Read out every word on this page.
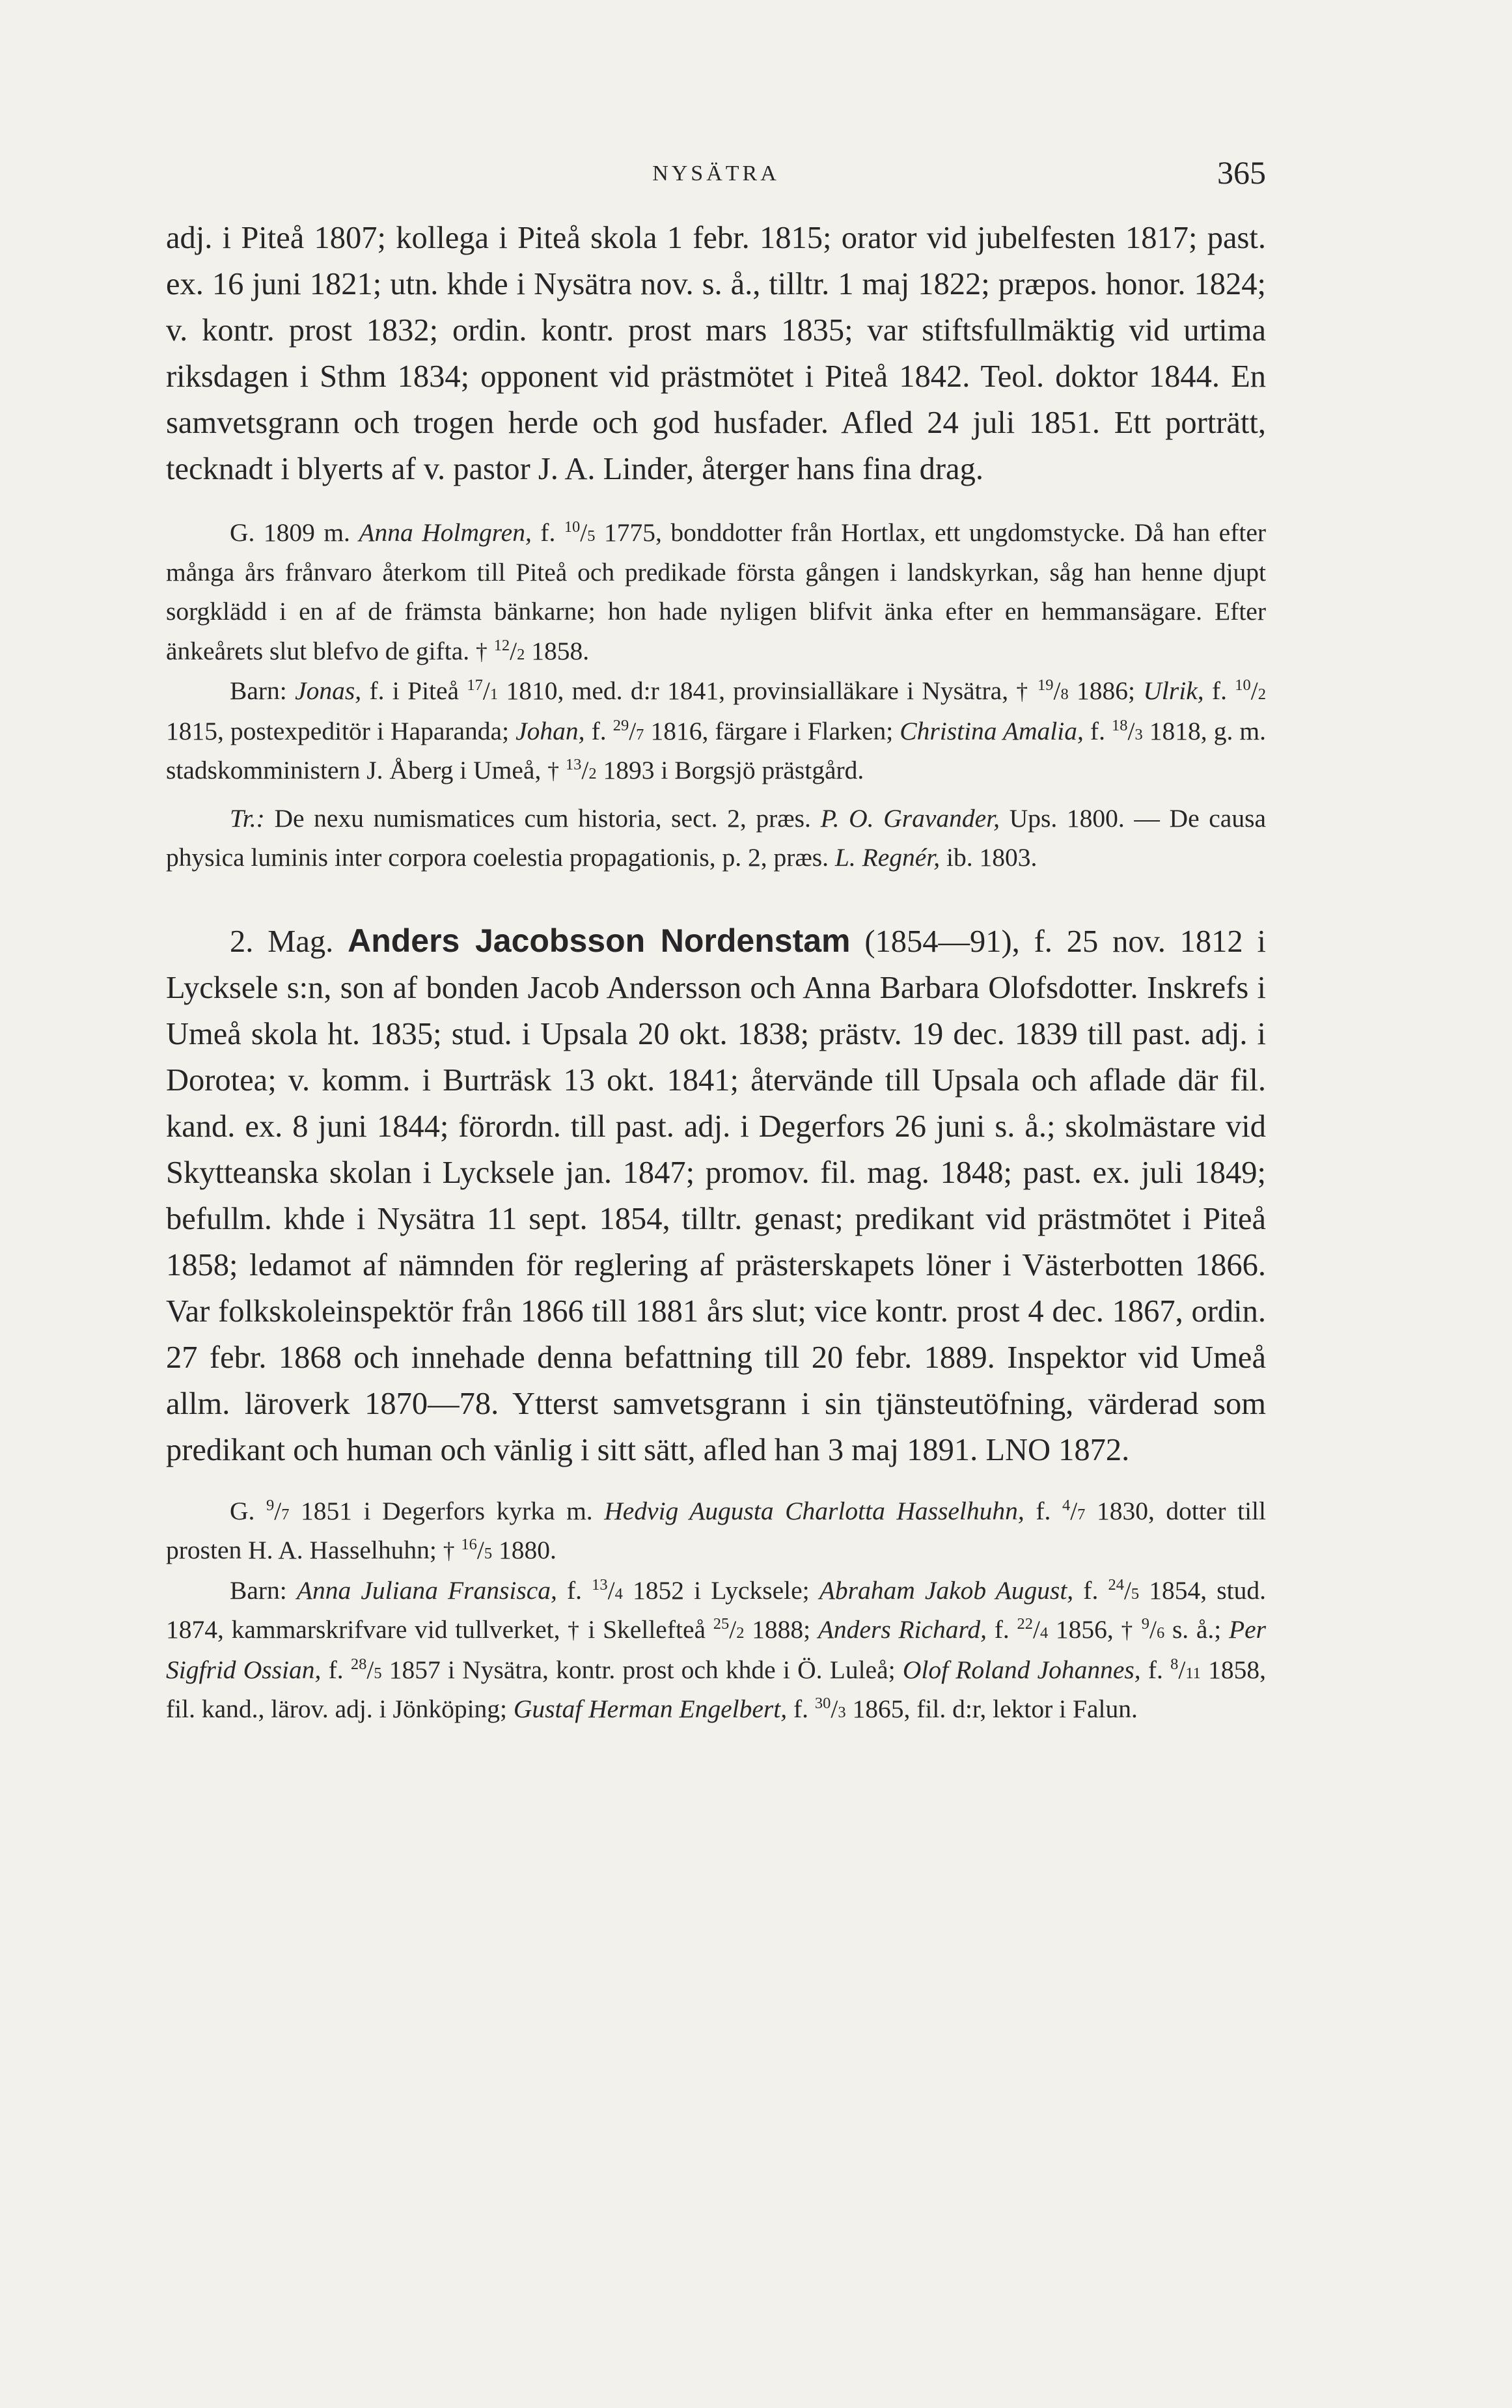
NYSÄTRA	365

adj. i Piteå 1807; kollega i Piteå skola 1 febr. 1815; orator vid jubelfesten 1817; past. ex. 16 juni 1821; utn. khde i Nysätra nov. s. å., tilltr. 1 maj 1822; præpos. honor. 1824; v. kontr. prost 1832; ordin. kontr. prost mars 1835; var stiftsfullmäktig vid urtima riksdagen i Sthm 1834; opponent vid prästmötet i Piteå 1842. Teol. doktor 1844. En samvetsgrann och trogen herde och god husfader. Afled 24 juli 1851. Ett porträtt, tecknadt i blyerts af v. pastor J. A. Linder, återger hans fina drag.

G. 1809 m. Anna Holmgren, f. $^{10}$/5 1775, bonddotter från Hortlax, ett ungdomstycke. Då han efter många års frånvaro återkom till Piteå och predikade första gången i landskyrkan, såg han henne djupt sorgklädd i en af de främsta bänkarne; hon hade nyligen blifvit änka efter en hemmansägare. Efter änkeårets slut blefvo de gifta. † $^{12}$/2 1858.

Barn: Jonas, f. i Piteå $^{17}$/1 1810, med. d:r 1841, provinsialläkare i Nysätra, † $^{19}$/8 1886; Ulrik, f. $^{10}$/2 1815, postexpeditör i Haparanda; Johan, f. $^{29}$/7 1816, färgare i Flarken; Christina Amalia, f. $^{18}$/3 1818, g. m. stadskomministern J. Åberg i Umeå, † $^{13}$/2 1893 i Borgsjö prästgård.

Tr.: De nexu numismatices cum historia, sect. 2, præs. P. O. Gravander, Ups. 1800. — De causa physica luminis inter corpora coelestia propagationis, p. 2, præs. L. Regnér, ib. 1803.

2. Mag. Anders Jacobsson Nordenstam (1854—91), f. 25 nov. 1812 i Lycksele s:n, son af bonden Jacob Andersson och Anna Barbara Olofsdotter. Inskrefs i Umeå skola ht. 1835; stud. i Upsala 20 okt. 1838; prästv. 19 dec. 1839 till past. adj. i Dorotea; v. komm. i Burträsk 13 okt. 1841; återvände till Upsala och aflade där fil. kand. ex. 8 juni 1844; förordn. till past. adj. i Degerfors 26 juni s. å.; skolmästare vid Skytteanska skolan i Lycksele jan. 1847; promov. fil. mag. 1848; past. ex. juli 1849; befullm. khde i Nysätra 11 sept. 1854, tilltr. genast; predikant vid prästmötet i Piteå 1858; ledamot af nämnden för reglering af prästerskapets löner i Västerbotten 1866. Var folkskoleinspektör från 1866 till 1881 års slut; vice kontr. prost 4 dec. 1867, ordin. 27 febr. 1868 och innehade denna befattning till 20 febr. 1889. Inspektor vid Umeå allm. läroverk 1870—78. Ytterst samvetsgrann i sin tjänsteutöfning, värderad som predikant och human och vänlig i sitt sätt, afled han 3 maj 1891. LNO 1872.

G. $^9$/7 1851 i Degerfors kyrka m. Hedvig Augusta Charlotta Hasselhuhn, f. $^4$/7 1830, dotter till prosten H. A. Hasselhuhn; † $^{16}$/5 1880.

Barn: Anna Juliana Fransisca, f. $^{13}$/4 1852 i Lycksele; Abraham Jakob August, f. $^{24}$/5 1854, stud. 1874, kammarskrifvare vid tullverket, † i Skellefteå $^{25}$/2 1888; Anders Richard, f. $^{22}$/4 1856, † $^9$/6 s. å.; Per Sigfrid Ossian, f. $^{28}$/5 1857 i Nysätra, kontr. prost och khde i Ö. Luleå; Olof Roland Johannes, f. $^8$/11 1858, fil. kand., lärov. adj. i Jönköping; Gustaf Herman Engelbert, f. $^{30}$/3 1865, fil. d:r, lektor i Falun.
